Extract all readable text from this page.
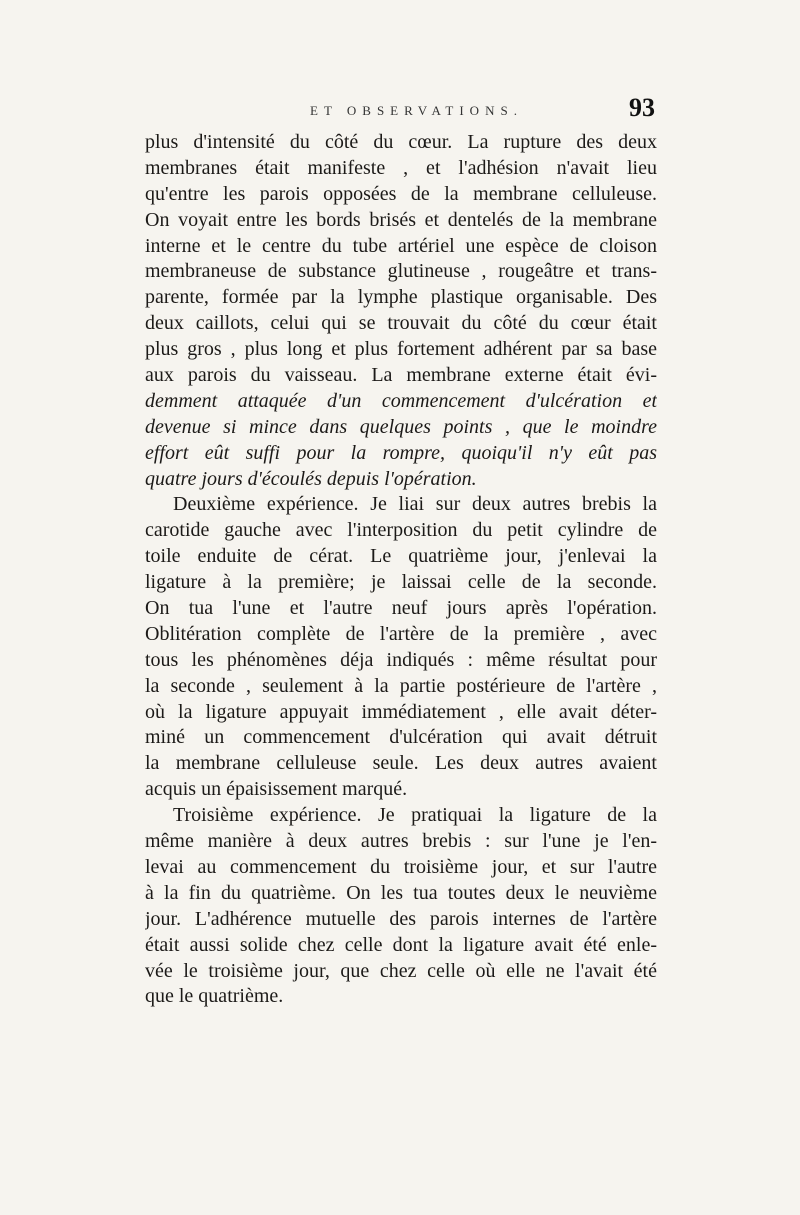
ET OBSERVATIONS.	93
plus d'intensité du côté du cœur. La rupture des deux
membranes était manifeste , et l'adhésion n'avait lieu
qu'entre les parois opposées de la membrane celluleuse.
On voyait entre les bords brisés et dentelés de la membrane
interne et le centre du tube artériel une espèce de cloison
membraneuse de substance glutineuse , rougeâtre et trans-
parente, formée par la lymphe plastique organisable. Des
deux caillots, celui qui se trouvait du côté du cœur était
plus gros , plus long et plus fortement adhérent par sa base
aux parois du vaisseau. La membrane externe était évi-
demment attaquée d'un commencement d'ulcération et
devenue si mince dans quelques points , que le moindre
effort eût suffi pour la rompre, quoiqu'il n'y eût pas
quatre jours d'écoulés depuis l'opération.
Deuxième expérience. Je liai sur deux autres brebis la
carotide gauche avec l'interposition du petit cylindre de
toile enduite de cérat. Le quatrième jour, j'enlevai la
ligature à la première; je laissai celle de la seconde.
On tua l'une et l'autre neuf jours après l'opération.
Oblitération complète de l'artère de la première , avec
tous les phénomènes déja indiqués : même résultat pour
la seconde , seulement à la partie postérieure de l'artère ,
où la ligature appuyait immédiatement , elle avait déter-
miné un commencement d'ulcération qui avait détruit
la membrane celluleuse seule. Les deux autres avaient
acquis un épaisissement marqué.
Troisième expérience. Je pratiquai la ligature de la
même manière à deux autres brebis : sur l'une je l'en-
levai au commencement du troisième jour, et sur l'autre
à la fin du quatrième. On les tua toutes deux le neuvième
jour. L'adhérence mutuelle des parois internes de l'artère
était aussi solide chez celle dont la ligature avait été enle-
vée le troisième jour, que chez celle où elle ne l'avait été
que le quatrième.
